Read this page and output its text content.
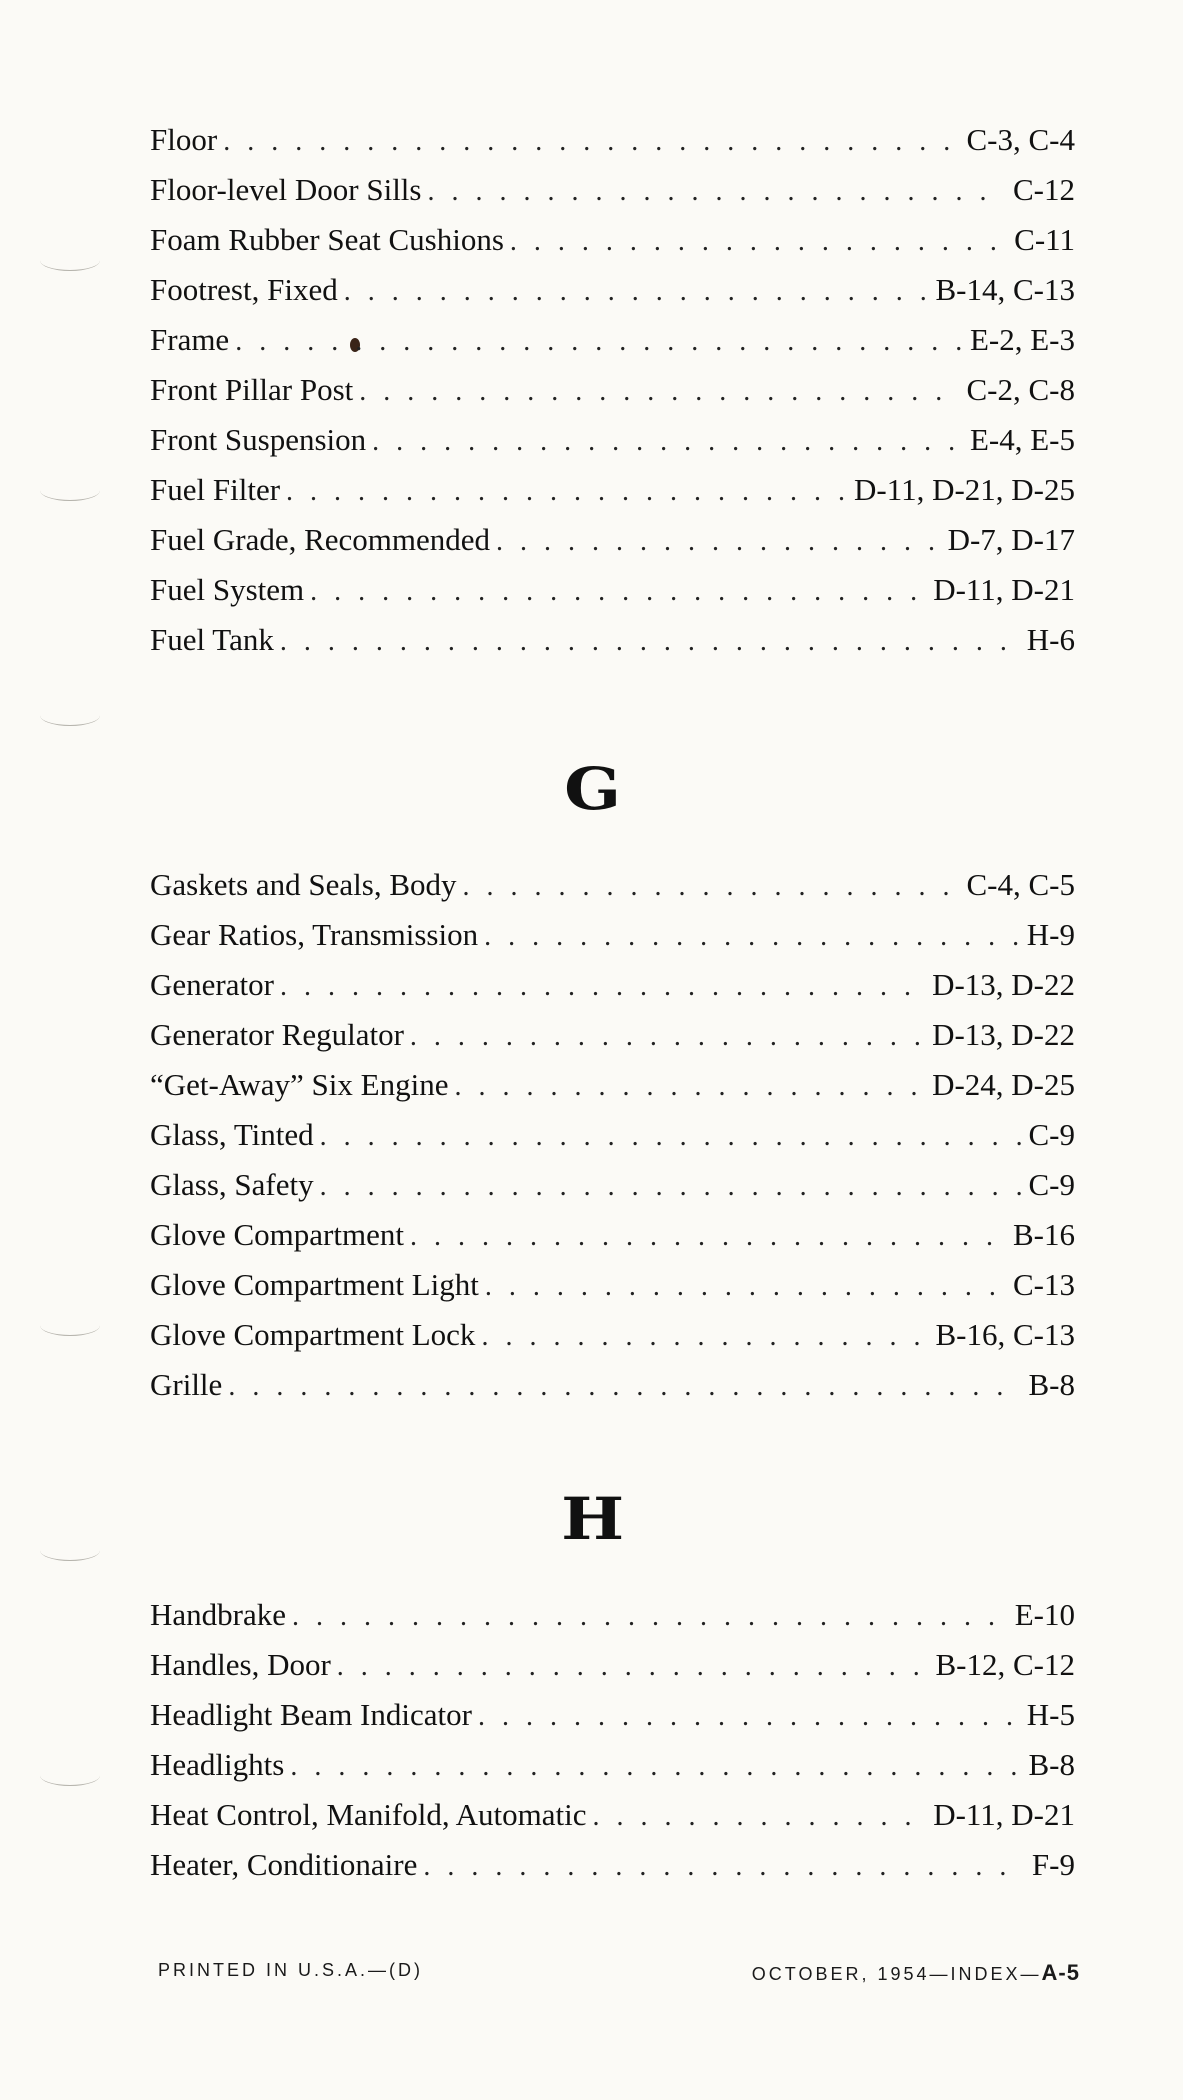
Floor . . .	C-3, C-4
Floor-level Door Sills . . .	C-12
Foam Rubber Seat Cushions . . .	C-11
Footrest, Fixed . . .	B-14, C-13
Frame . . .	E-2, E-3
Front Pillar Post . . .	C-2, C-8
Front Suspension . . .	E-4, E-5
Fuel Filter . . .	D-11, D-21, D-25
Fuel Grade, Recommended . . .	D-7, D-17
Fuel System . . .	D-11, D-21
Fuel Tank . . .	H-6
G
Gaskets and Seals, Body . . .	C-4, C-5
Gear Ratios, Transmission . . .	H-9
Generator . . .	D-13, D-22
Generator Regulator . . .	D-13, D-22
“Get-Away” Six Engine . . .	D-24, D-25
Glass, Tinted . . .	C-9
Glass, Safety . . .	C-9
Glove Compartment . . .	B-16
Glove Compartment Light . . .	C-13
Glove Compartment Lock . . .	B-16, C-13
Grille . . .	B-8
H
Handbrake . . .	E-10
Handles, Door . . .	B-12, C-12
Headlight Beam Indicator . . .	H-5
Headlights . . .	B-8
Heat Control, Manifold, Automatic . . .	D-11, D-21
Heater, Conditionaire . . .	F-9
PRINTED IN U.S.A.—(D)	OCTOBER, 1954—INDEX—A-5
